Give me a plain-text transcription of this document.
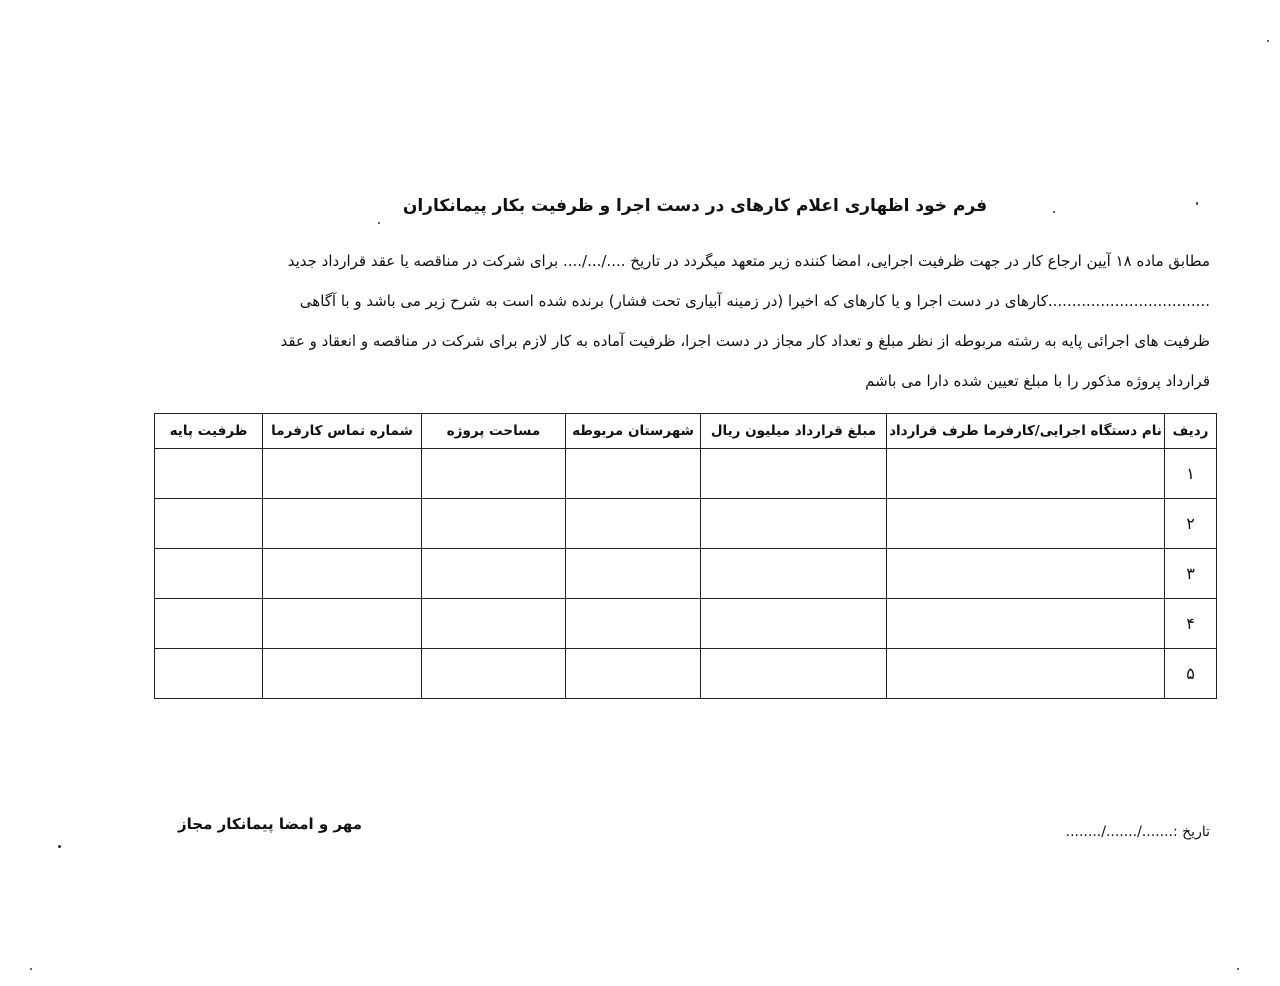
فرم خود اظهاری اعلام کارهای در دست اجرا و ظرفیت بکار پیمانکاران
مطابق ماده ۱۸ آیین ارجاع کار در جهت ظرفیت اجرایی، امضا کننده زیر متعهد میگردد در تاریخ ..../.../.... برای شرکت در مناقصه یا عقد قرارداد جدید
..................................کارهای در دست اجرا و یا کارهای که اخیرا (در زمینه آبیاری تحت فشار) برنده شده است به شرح زیر می باشد و با آگاهی
ظرفیت های اجرائی پایه به رشته مربوطه از نظر مبلغ و تعداد کار مجاز در دست اجرا، ظرفیت آماده به کار لازم برای شرکت در مناقصه و انعقاد و عقد
قرارداد پروژه مذکور را با مبلغ تعیین شده دارا می باشم
ردیف	نام دستگاه اجرایی/کارفرما طرف قرارداد	مبلغ قرارداد میلیون ریال	شهرستان مربوطه	مساحت پروژه	شماره تماس کارفرما	ظرفیت پایه
۱						
۲						
۳						
۴						
۵						
مهر و امضا پیمانکار مجاز	تاریخ :......./......./........
